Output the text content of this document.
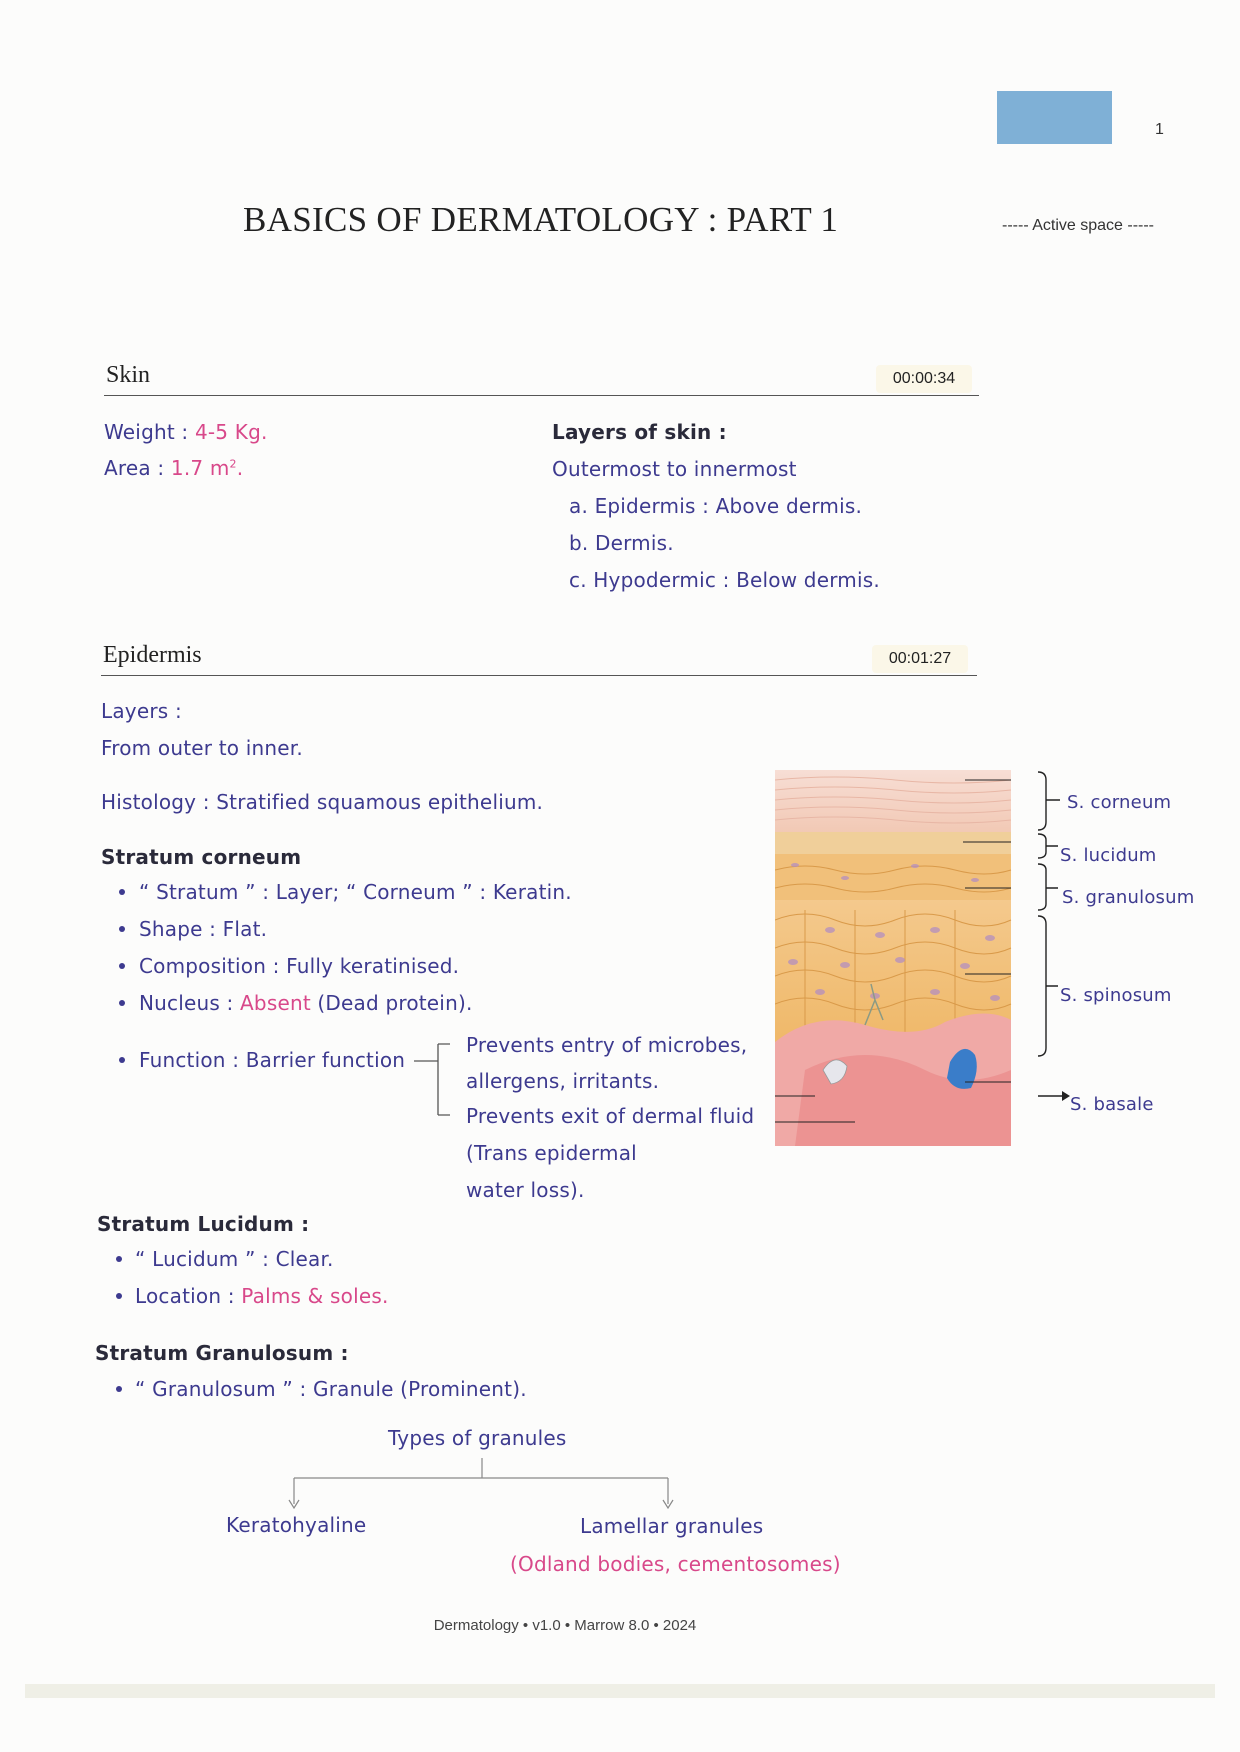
1
BASICS OF DERMATOLOGY : PART 1	----- Active space -----
Skin	00:00:34
Weight : 4-5 Kg.
Area : 1.7 $m^2$.
Layers of skin :
Outermost to innermost
a. Epidermis : Above dermis.
b. Dermis.
c. Hypodermic : Below dermis.
Epidermis	00:01:27
Layers :
From outer to inner.
Histology : Stratified squamous epithelium.
Stratum corneum
“ Stratum ” : Layer; “ Corneum ” : Keratin.
Shape : Flat.
Composition : Fully keratinised.
Nucleus : Absent (Dead protein).
Function : Barrier function
Prevents entry of microbes,
allergens, irritants.
Prevents exit of dermal fluid
(Trans epidermal
water loss).
Stratum Lucidum :
“ Lucidum ” : Clear.
Location : Palms & soles.
Stratum Granulosum :
“ Granulosum ” : Granule (Prominent).
Types of granules
Keratohyaline	Lamellar granules
(Odland bodies, cementosomes)
S. corneum
S. lucidum
S. granulosum
S. spinosum
S. basale
Dermatology • v1.0 • Marrow 8.0 • 2024
